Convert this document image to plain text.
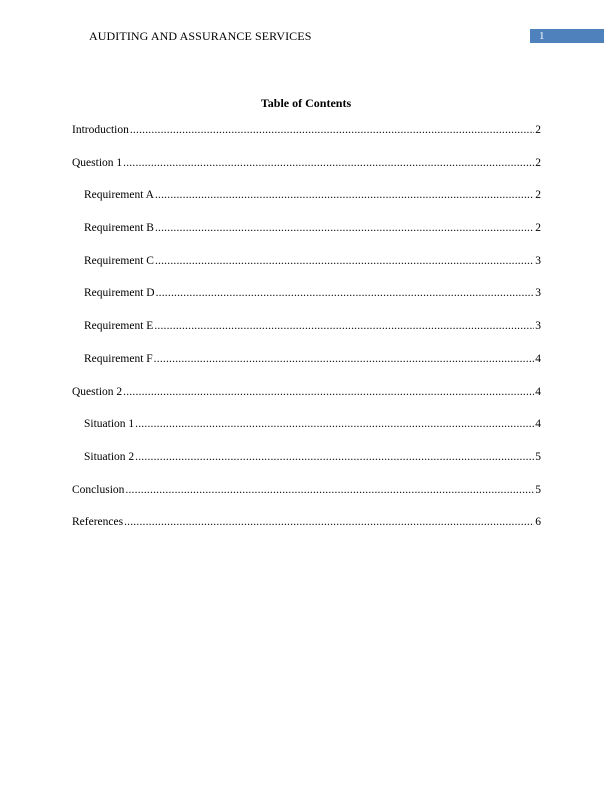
AUDITING AND ASSURANCE SERVICES	1
Table of Contents
Introduction .....	2
Question 1 .....	2
Requirement A .....	2
Requirement B .....	2
Requirement C .....	3
Requirement D .....	3
Requirement E .....	3
Requirement F .....	4
Question 2 .....	4
Situation 1 .....	4
Situation 2 .....	5
Conclusion .....	5
References .....	6
